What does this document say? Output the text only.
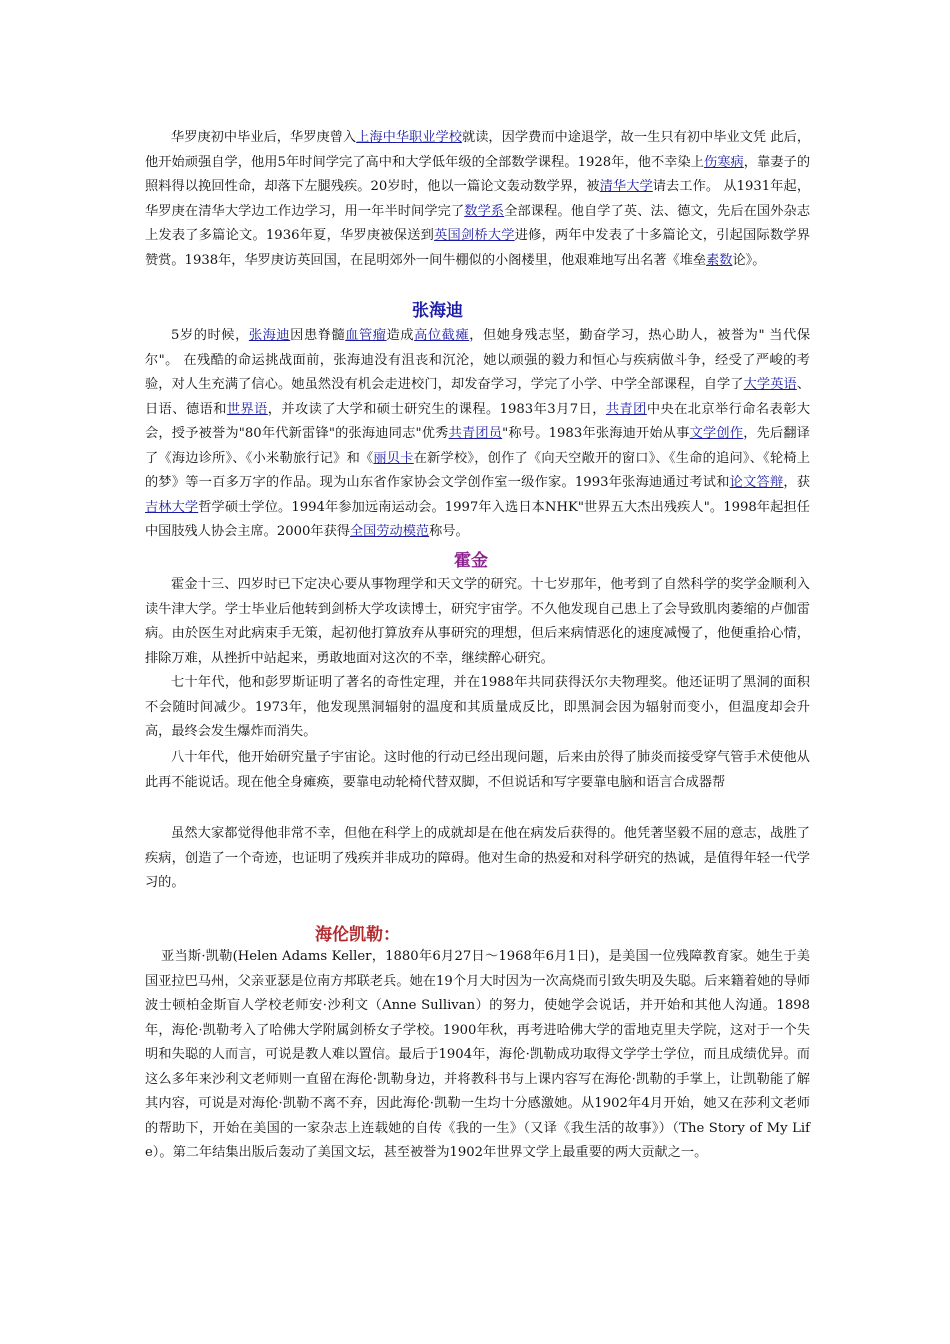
华罗庚初中毕业后，华罗庚曾入上海中华职业学校就读，因学费而中途退学，故一生只有初中毕业文凭 此后，他开始顽强自学，他用5年时间学完了高中和大学低年级的全部数学课程。1928年，他不幸染上伤寒病，靠妻子的照料得以挽回性命，却落下左腿残疾。20岁时，他以一篇论文轰动数学界，被清华大学请去工作。 从1931年起，华罗庚在清华大学边工作边学习，用一年半时间学完了数学系全部课程。他自学了英、法、德文，先后在国外杂志上发表了多篇论文。1936年夏，华罗庚被保送到英国剑桥大学进修，两年中发表了十多篇论文，引起国际数学界赞赏。1938年，华罗庚访英回国，在昆明郊外一间牛棚似的小阁楼里，他艰难地写出名著《堆垒素数论》。

张海迪

5岁的时候，张海迪因患脊髓血管瘤造成高位截瘫，但她身残志坚，勤奋学习，热心助人，被誉为" 当代保尔"。 在残酷的命运挑战面前，张海迪没有沮丧和沉沦，她以顽强的毅力和恒心与疾病做斗争，经受了严峻的考验，对人生充满了信心。她虽然没有机会走进校门，却发奋学习，学完了小学、中学全部课程，自学了大学英语、日语、德语和世界语，并攻读了大学和硕士研究生的课程。1983年3月7日，共青团中央在北京举行命名表彰大会，授予被誉为"80年代新雷锋"的张海迪同志"优秀共青团员"称号。1983年张海迪开始从事文学创作，先后翻译了《海边诊所》、《小米勒旅行记》和《丽贝卡在新学校》，创作了《向天空敞开的窗口》、《生命的追问》、《轮椅上的梦》等一百多万字的作品。现为山东省作家协会文学创作室一级作家。1993年张海迪通过考试和论文答辩，获吉林大学哲学硕士学位。1994年参加远南运动会。1997年入选日本NHK"世界五大杰出残疾人"。1998年起担任中国肢残人协会主席。2000年获得全国劳动模范称号。

霍金

霍金十三、四岁时已下定决心要从事物理学和天文学的研究。十七岁那年，他考到了自然科学的奖学金顺利入读牛津大学。学士毕业后他转到剑桥大学攻读博士，研究宇宙学。不久他发现自己患上了会导致肌肉萎缩的卢伽雷病。由於医生对此病束手无策，起初他打算放弃从事研究的理想，但后来病情恶化的速度减慢了，他便重拾心情，排除万难，从挫折中站起来，勇敢地面对这次的不幸，继续醉心研究。

七十年代，他和彭罗斯证明了著名的奇性定理，并在1988年共同获得沃尔夫物理奖。他还证明了黑洞的面积不会随时间减少。1973年，他发现黑洞辐射的温度和其质量成反比，即黑洞会因为辐射而变小，但温度却会升高，最终会发生爆炸而消失。

八十年代，他开始研究量子宇宙论。这时他的行动已经出现问题，后来由於得了肺炎而接受穿气管手术使他从此再不能说话。现在他全身瘫痪，要靠电动轮椅代替双脚，不但说话和写字要靠电脑和语言合成器帮

虽然大家都觉得他非常不幸，但他在科学上的成就却是在他在病发后获得的。他凭著坚毅不屈的意志，战胜了疾病，创造了一个奇迹，也证明了残疾并非成功的障碍。他对生命的热爱和对科学研究的热诚，是值得年轻一代学习的。

海伦凯勒：

亚当斯·凯勒(Helen Adams Keller，1880年6月27日～1968年6月1日)，是美国一位残障教育家。她生于美国亚拉巴马州，父亲亚瑟是位南方邦联老兵。她在19个月大时因为一次高烧而引致失明及失聪。后来籍着她的导师波士顿柏金斯盲人学校老师安·沙利文（Anne Sullivan）的努力，使她学会说话，并开始和其他人沟通。1898年，海伦·凯勒考入了哈佛大学附属剑桥女子学校。1900年秋，再考进哈佛大学的雷地克里夫学院，这对于一个失明和失聪的人而言，可说是教人难以置信。最后于1904年，海伦·凯勒成功取得文学学士学位，而且成绩优异。而这么多年来沙利文老师则一直留在海伦·凯勒身边，并将教科书与上课内容写在海伦·凯勒的手掌上，让凯勒能了解其内容，可说是对海伦·凯勒不离不弃，因此海伦·凯勒一生均十分感激她。从1902年4月开始，她又在莎利文老师的帮助下，开始在美国的一家杂志上连载她的自传《我的一生》（又译《我生活的故事》）（The Story of My Life）。第二年结集出版后轰动了美国文坛，甚至被誉为1902年世界文学上最重要的两大贡献之一。
